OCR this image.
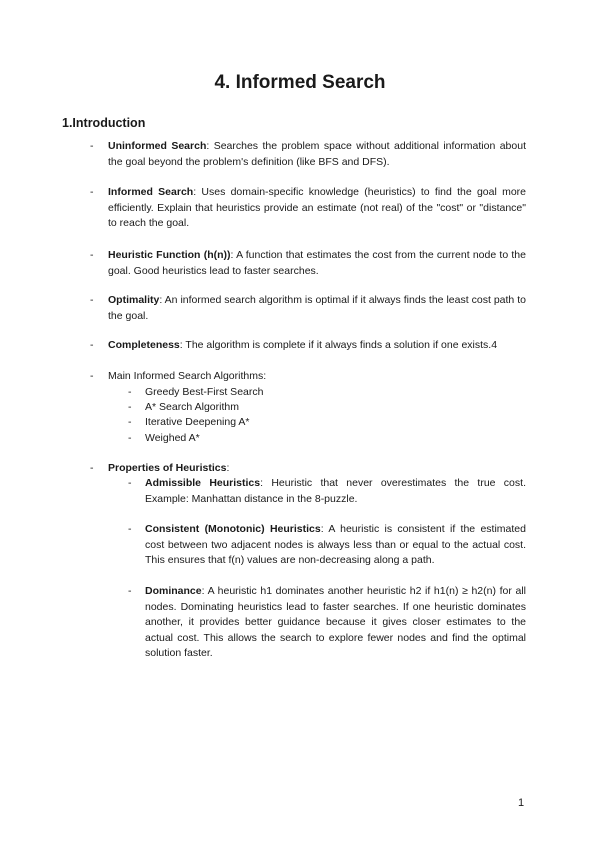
4. Informed Search
1.Introduction
- Uninformed Search: Searches the problem space without additional information about the goal beyond the problem's definition (like BFS and DFS).

- Informed Search: Uses domain-specific knowledge (heuristics) to find the goal more efficiently. Explain that heuristics provide an estimate (not real) of the "cost" or "distance" to reach the goal.

- Heuristic Function (h(n)): A function that estimates the cost from the current node to the goal. Good heuristics lead to faster searches.

- Optimality: An informed search algorithm is optimal if it always finds the least cost path to the goal.

- Completeness: The algorithm is complete if it always finds a solution if one exists.4

- Main Informed Search Algorithms:

- Greedy Best-First Search

- A* Search Algorithm

- Iterative Deepening A*

- Weighed A*

- Properties of Heuristics:

- Admissible Heuristics: Heuristic that never overestimates the true cost. Example: Manhattan distance in the 8-puzzle.

- Consistent (Monotonic) Heuristics: A heuristic is consistent if the estimated cost between two adjacent nodes is always less than or equal to the actual cost. This ensures that f(n) values are non-decreasing along a path.

- Dominance: A heuristic h1 dominates another heuristic h2 if h1(n) ≥ h2(n) for all nodes. Dominating heuristics lead to faster searches. If one heuristic dominates another, it provides better guidance because it gives closer estimates to the actual cost. This allows the search to explore fewer nodes and find the optimal solution faster.

1
